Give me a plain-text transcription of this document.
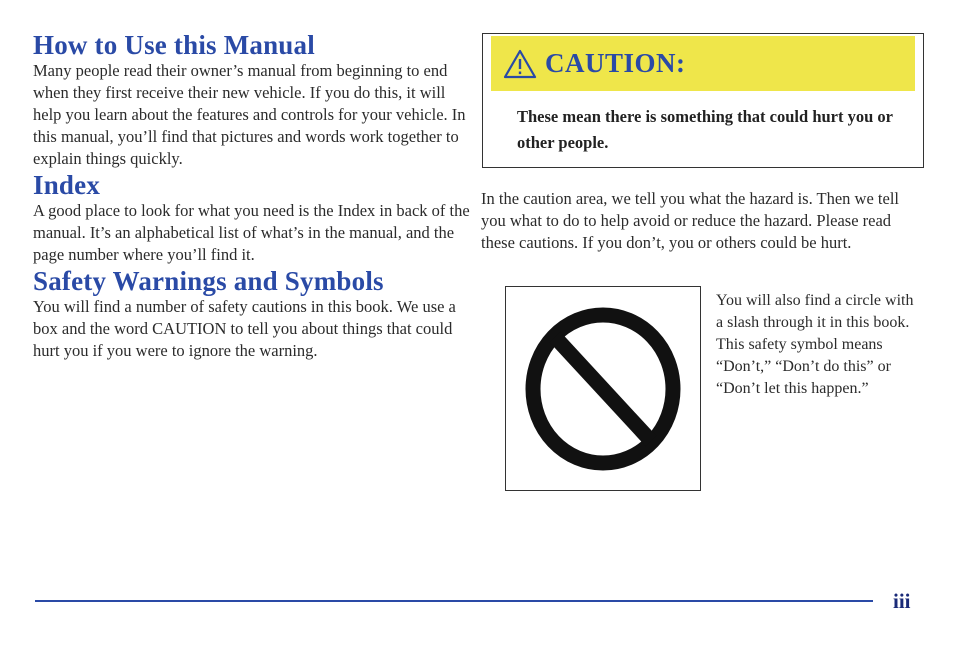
How to Use this Manual

Many people read their owner’s manual from beginning to end when they first receive their new vehicle. If you do this, it will help you learn about the features and controls for your vehicle. In this manual, you’ll find that pictures and words work together to explain things quickly.

Index

A good place to look for what you need is the Index in back of the manual. It’s an alphabetical list of what’s in the manual, and the page number where you’ll find it.

Safety Warnings and Symbols

You will find a number of safety cautions in this book. We use a box and the word CAUTION to tell you about things that could hurt you if you were to ignore the warning.

CAUTION:
These mean there is something that could hurt you or other people.

In the caution area, we tell you what the hazard is. Then we tell you what to do to help avoid or reduce the hazard. Please read these cautions. If you don’t, you or others could be hurt.

You will also find a circle with a slash through it in this book. This safety symbol means “Don’t,” “Don’t do this” or “Don’t let this happen.”

iii
